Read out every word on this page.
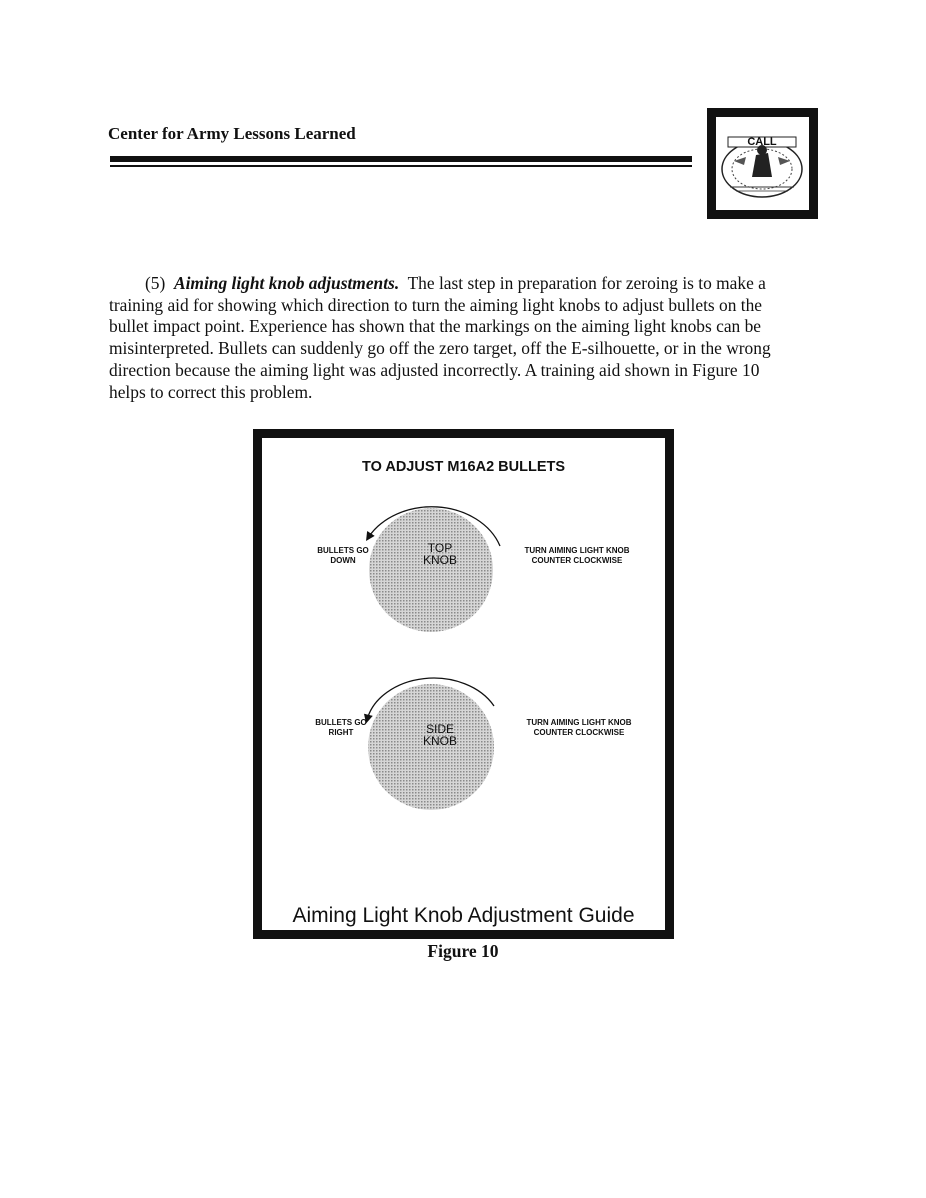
Center for Army Lessons Learned	CALL
(5) Aiming light knob adjustments. The last step in preparation for zeroing is to make a
training aid for showing which direction to turn the aiming light knobs to adjust bullets on the
bullet impact point. Experience has shown that the markings on the aiming light knobs can be
misinterpreted. Bullets can suddenly go off the zero target, off the E-silhouette, or in the wrong
direction because the aiming light was adjusted incorrectly. A training aid shown in Figure 10
helps to correct this problem.
TO ADJUST M16A2 BULLETS
TOP
KNOB
BULLETS GO
DOWN
TURN AIMING LIGHT KNOB
COUNTER CLOCKWISE
SIDE
KNOB
BULLETS GO
RIGHT
TURN AIMING LIGHT KNOB
COUNTER CLOCKWISE
Aiming Light Knob Adjustment Guide
Figure 10
